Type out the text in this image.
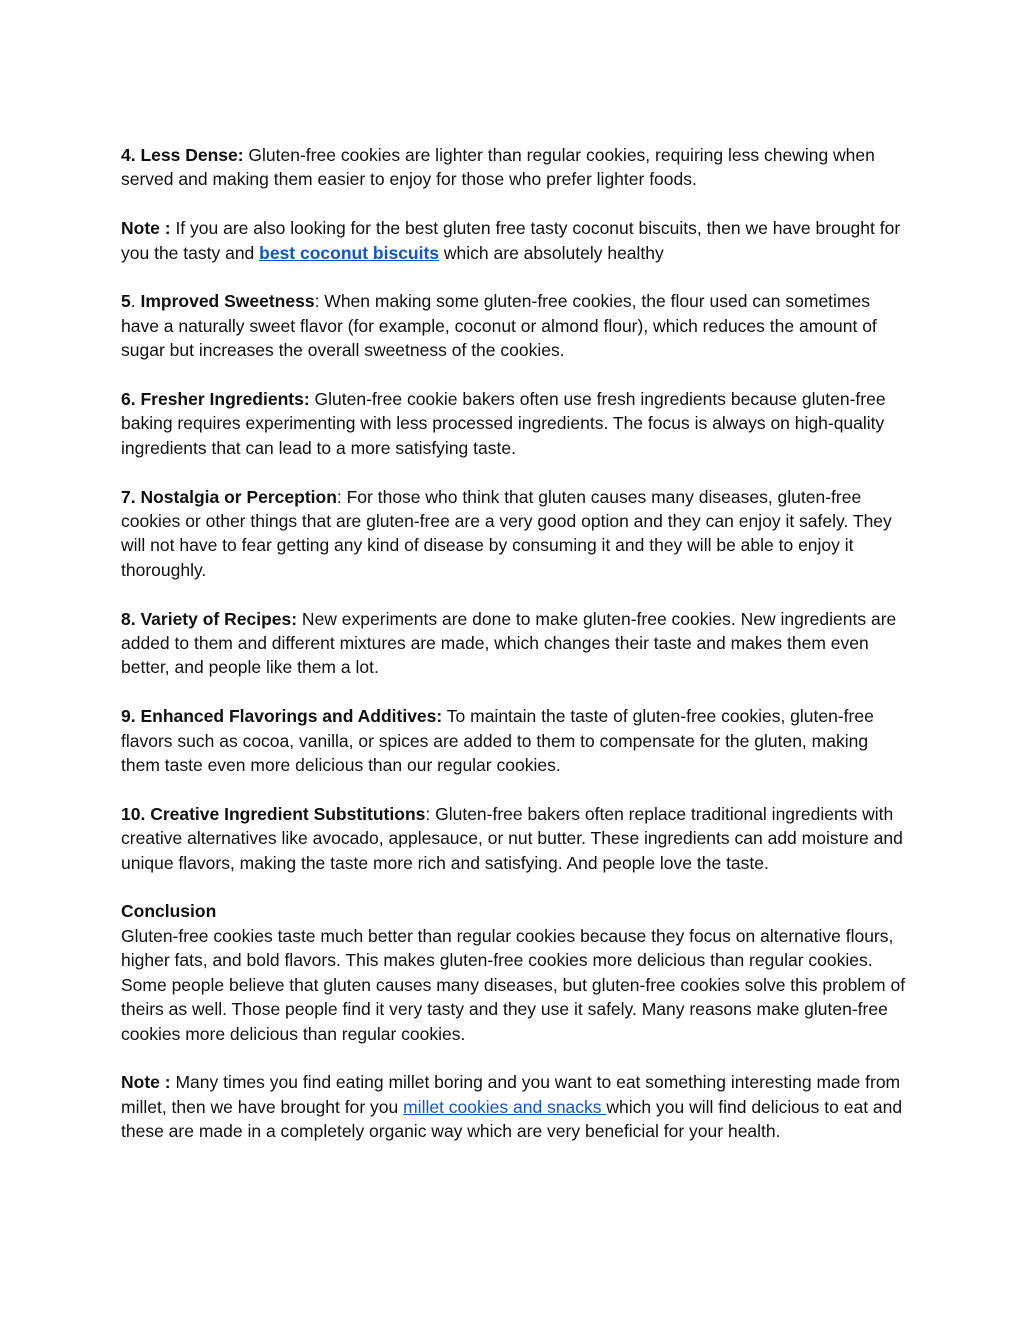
4. Less Dense: Gluten-free cookies are lighter than regular cookies, requiring less chewing when served and making them easier to enjoy for those who prefer lighter foods.

Note : If you are also looking for the best gluten free tasty coconut biscuits, then we have brought for you the tasty and best coconut biscuits which are absolutely healthy

5. Improved Sweetness: When making some gluten-free cookies, the flour used can sometimes have a naturally sweet flavor (for example, coconut or almond flour), which reduces the amount of sugar but increases the overall sweetness of the cookies.

6. Fresher Ingredients: Gluten-free cookie bakers often use fresh ingredients because gluten-free baking requires experimenting with less processed ingredients. The focus is always on high-quality ingredients that can lead to a more satisfying taste.

7. Nostalgia or Perception: For those who think that gluten causes many diseases, gluten-free cookies or other things that are gluten-free are a very good option and they can enjoy it safely. They will not have to fear getting any kind of disease by consuming it and they will be able to enjoy it thoroughly.

8. Variety of Recipes: New experiments are done to make gluten-free cookies. New ingredients are added to them and different mixtures are made, which changes their taste and makes them even better, and people like them a lot.

9. Enhanced Flavorings and Additives: To maintain the taste of gluten-free cookies, gluten-free flavors such as cocoa, vanilla, or spices are added to them to compensate for the gluten, making them taste even more delicious than our regular cookies.

10. Creative Ingredient Substitutions: Gluten-free bakers often replace traditional ingredients with creative alternatives like avocado, applesauce, or nut butter. These ingredients can add moisture and unique flavors, making the taste more rich and satisfying. And people love the taste.

Conclusion
Gluten-free cookies taste much better than regular cookies because they focus on alternative flours, higher fats, and bold flavors. This makes gluten-free cookies more delicious than regular cookies. Some people believe that gluten causes many diseases, but gluten-free cookies solve this problem of theirs as well. Those people find it very tasty and they use it safely. Many reasons make gluten-free cookies more delicious than regular cookies.

Note : Many times you find eating millet boring and you want to eat something interesting made from millet, then we have brought for you millet cookies and snacks which you will find delicious to eat and these are made in a completely organic way which are very beneficial for your health.
